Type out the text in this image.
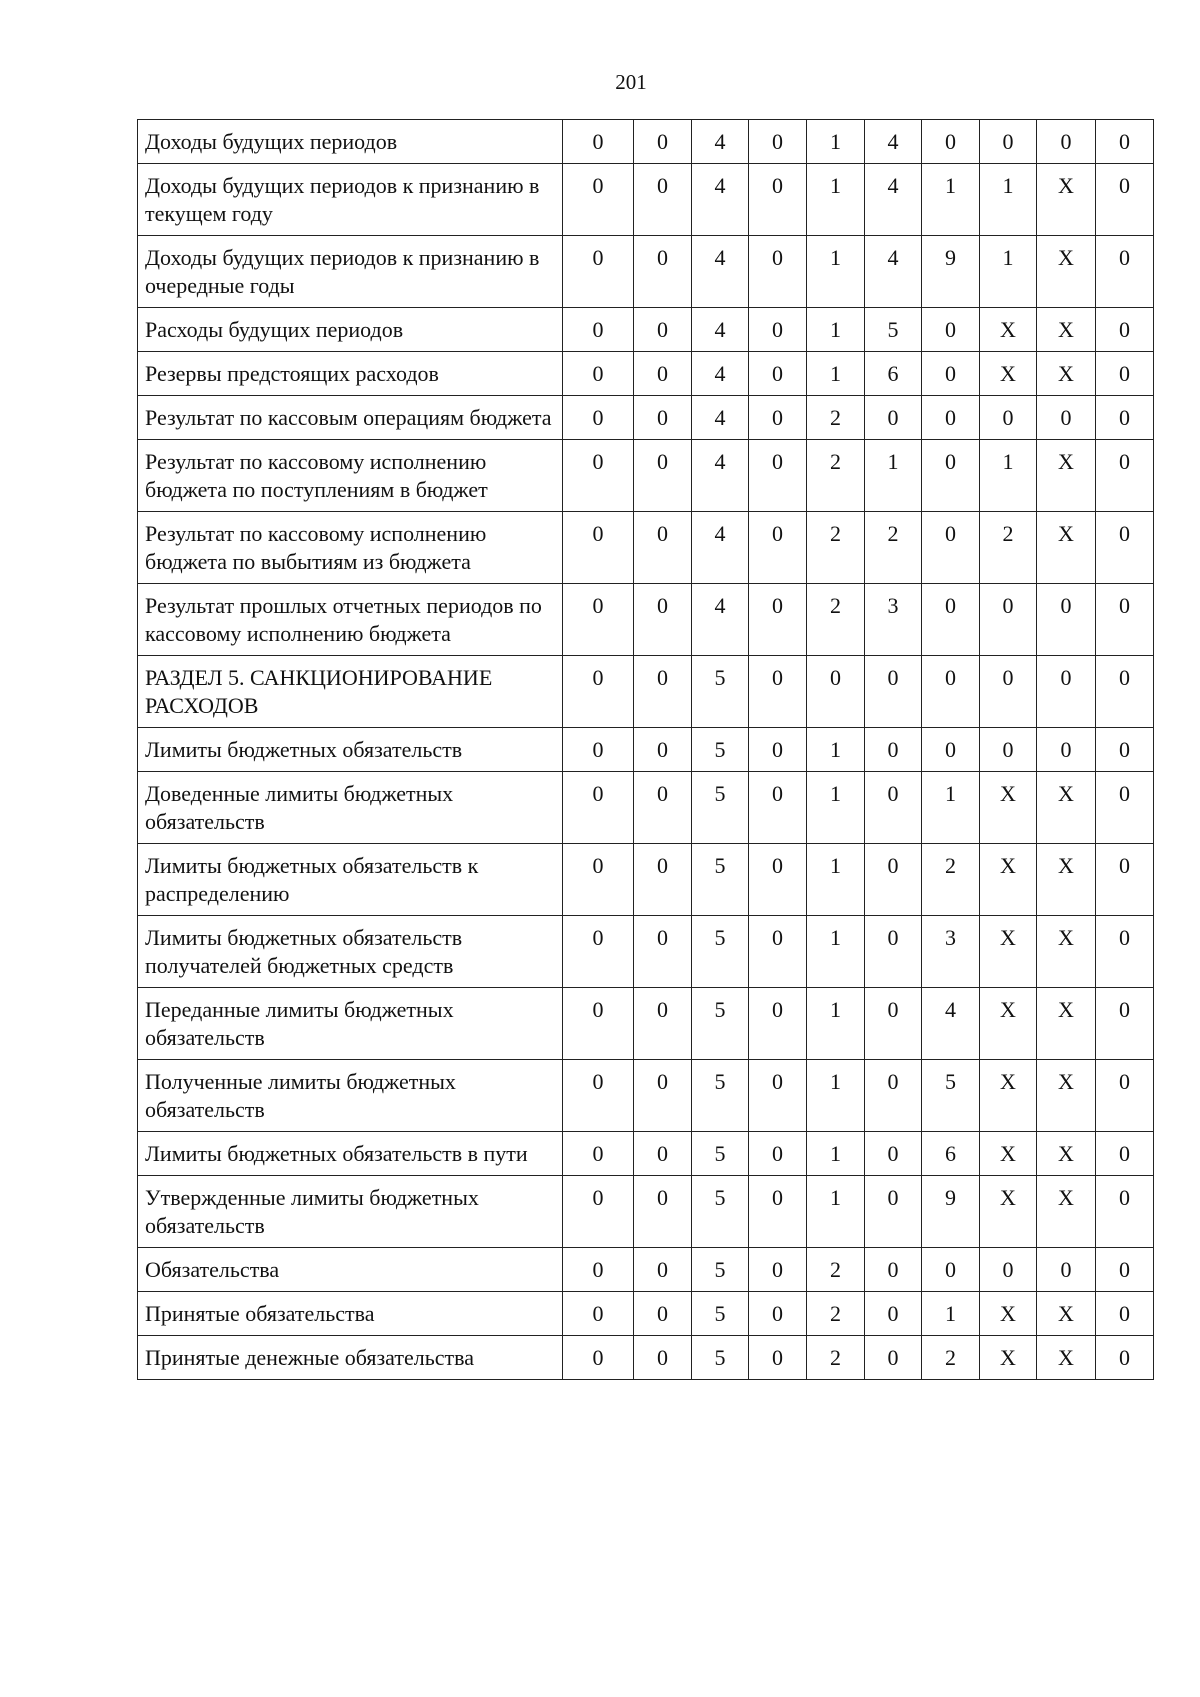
201
Доходы будущих периодов	0	0	4	0	1	4	0	0	0	0
Доходы будущих периодов к признанию в текущем году	0	0	4	0	1	4	1	1	X	0
Доходы будущих периодов к признанию в очередные годы	0	0	4	0	1	4	9	1	X	0
Расходы будущих периодов	0	0	4	0	1	5	0	X	X	0
Резервы предстоящих расходов	0	0	4	0	1	6	0	X	X	0
Результат по кассовым операциям бюджета	0	0	4	0	2	0	0	0	0	0
Результат по кассовому исполнению бюджета по поступлениям в бюджет	0	0	4	0	2	1	0	1	X	0
Результат по кассовому исполнению бюджета по выбытиям из бюджета	0	0	4	0	2	2	0	2	X	0
Результат прошлых отчетных периодов по кассовому исполнению бюджета	0	0	4	0	2	3	0	0	0	0
РАЗДЕЛ 5. САНКЦИОНИРОВАНИЕ РАСХОДОВ	0	0	5	0	0	0	0	0	0	0
Лимиты бюджетных обязательств	0	0	5	0	1	0	0	0	0	0
Доведенные лимиты бюджетных обязательств	0	0	5	0	1	0	1	X	X	0
Лимиты бюджетных обязательств к распределению	0	0	5	0	1	0	2	X	X	0
Лимиты бюджетных обязательств получателей бюджетных средств	0	0	5	0	1	0	3	X	X	0
Переданные лимиты бюджетных обязательств	0	0	5	0	1	0	4	X	X	0
Полученные лимиты бюджетных обязательств	0	0	5	0	1	0	5	X	X	0
Лимиты бюджетных обязательств в пути	0	0	5	0	1	0	6	X	X	0
Утвержденные лимиты бюджетных обязательств	0	0	5	0	1	0	9	X	X	0
Обязательства	0	0	5	0	2	0	0	0	0	0
Принятые обязательства	0	0	5	0	2	0	1	X	X	0
Принятые денежные обязательства	0	0	5	0	2	0	2	X	X	0
